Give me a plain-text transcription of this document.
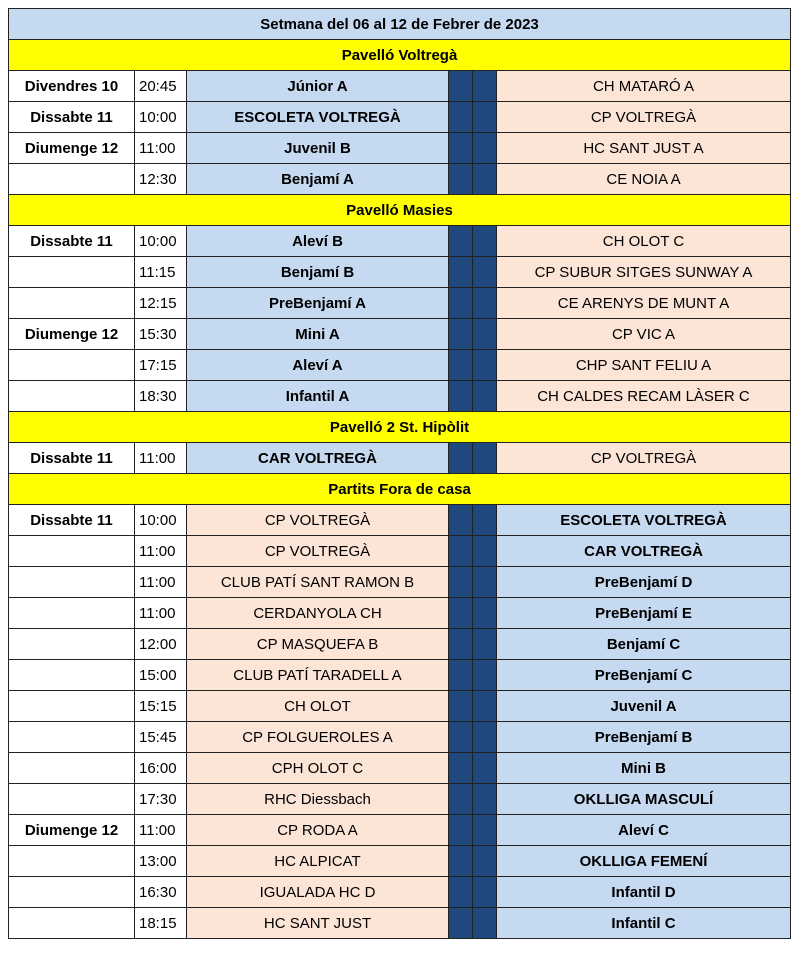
Setmana del 06 al 12 de Febrer de 2023					
Pavelló Voltregà					
Divendres 10	20:45	Júnior A			CH MATARÓ A
Dissabte 11	10:00	ESCOLETA VOLTREGÀ			CP VOLTREGÀ
Diumenge 12	11:00	Juvenil B			HC SANT JUST A
	12:30	Benjamí A			CE NOIA A
Pavelló Masies					
Dissabte 11	10:00	Aleví B			CH OLOT C
	11:15	Benjamí B			CP SUBUR SITGES SUNWAY A
	12:15	PreBenjamí A			CE ARENYS DE MUNT A
Diumenge 12	15:30	Mini A			CP VIC A
	17:15	Aleví A			CHP SANT FELIU A
	18:30	Infantil A			CH CALDES RECAM LÀSER C
Pavelló 2 St. Hipòlit					
Dissabte 11	11:00	CAR VOLTREGÀ			CP VOLTREGÀ
Partits Fora de casa					
Dissabte 11	10:00	CP VOLTREGÀ			ESCOLETA VOLTREGÀ
	11:00	CP VOLTREGÀ			CAR VOLTREGÀ
	11:00	CLUB PATÍ SANT RAMON B			PreBenjamí D
	11:00	CERDANYOLA CH			PreBenjamí E
	12:00	CP MASQUEFA B			Benjamí C
	15:00	CLUB PATÍ TARADELL A			PreBenjamí C
	15:15	CH OLOT			Juvenil A
	15:45	CP FOLGUEROLES A			PreBenjamí B
	16:00	CPH OLOT C			Mini B
	17:30	RHC Diessbach			OKLLIGA MASCULÍ
Diumenge 12	11:00	CP RODA A			Aleví C
	13:00	HC ALPICAT			OKLLIGA FEMENÍ
	16:30	IGUALADA HC D			Infantil D
	18:15	HC SANT JUST			Infantil C
